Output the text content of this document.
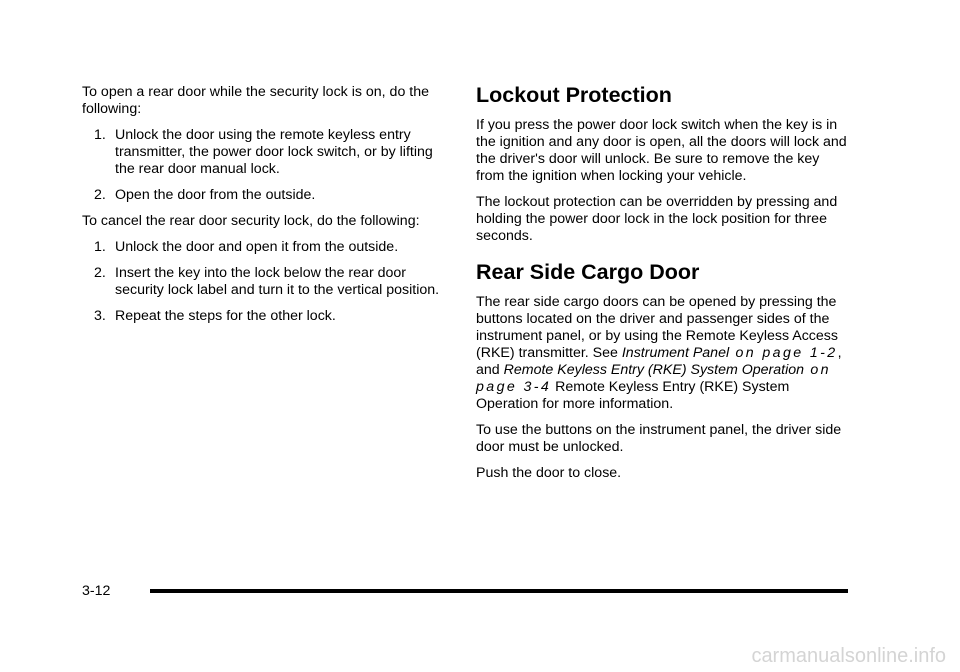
To open a rear door while the security lock is on, do the following:

1. Unlock the door using the remote keyless entry transmitter, the power door lock switch, or by lifting the rear door manual lock.
2. Open the door from the outside.

To cancel the rear door security lock, do the following:

1. Unlock the door and open it from the outside.
2. Insert the key into the lock below the rear door security lock label and turn it to the vertical position.
3. Repeat the steps for the other lock.
Lockout Protection

If you press the power door lock switch when the key is in the ignition and any door is open, all the doors will lock and the driver's door will unlock. Be sure to remove the key from the ignition when locking your vehicle.

The lockout protection can be overridden by pressing and holding the power door lock in the lock position for three seconds.

Rear Side Cargo Door

The rear side cargo doors can be opened by pressing the buttons located on the driver and passenger sides of the instrument panel, or by using the Remote Keyless Access (RKE) transmitter. See Instrument Panel on page 1-2, and Remote Keyless Entry (RKE) System Operation on page 3-4 Remote Keyless Entry (RKE) System Operation for more information.

To use the buttons on the instrument panel, the driver side door must be unlocked.

Push the door to close.

3-12
carmanualsonline.info
